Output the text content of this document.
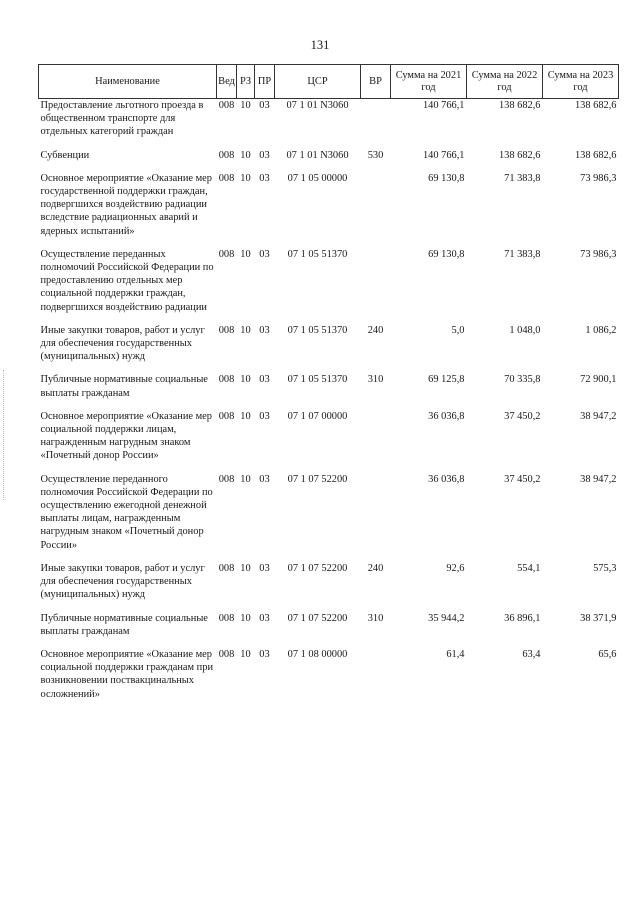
131
Наименование	Вед	РЗ	ПР	ЦСР	ВР	Сумма на 2021 год	Сумма на 2022 год	Сумма на 2023 год
Предоставление льготного проезда в общественном транспорте для отдельных категорий граждан	008	10	03	07 1 01 N3060		140 766,1	138 682,6	138 682,6
Субвенции	008	10	03	07 1 01 N3060	530	140 766,1	138 682,6	138 682,6
Основное мероприятие «Оказание мер государственной поддержки граждан, подвергшихся воздействию радиации вследствие радиационных аварий и ядерных испытаний»	008	10	03	07 1 05 00000		69 130,8	71 383,8	73 986,3
Осуществление переданных полномочий Российской Федерации по предоставлению отдельных мер социальной поддержки граждан, подвергшихся воздействию радиации	008	10	03	07 1 05 51370		69 130,8	71 383,8	73 986,3
Иные закупки товаров, работ и услуг для обеспечения государственных (муниципальных) нужд	008	10	03	07 1 05 51370	240	5,0	1 048,0	1 086,2
Публичные нормативные социальные выплаты гражданам	008	10	03	07 1 05 51370	310	69 125,8	70 335,8	72 900,1
Основное мероприятие «Оказание мер социальной поддержки лицам, награжденным нагрудным знаком «Почетный донор России»	008	10	03	07 1 07 00000		36 036,8	37 450,2	38 947,2
Осуществление переданного полномочия Российской Федерации по осуществлению ежегодной денежной выплаты лицам, награжденным нагрудным знаком «Почетный донор России»	008	10	03	07 1 07 52200		36 036,8	37 450,2	38 947,2
Иные закупки товаров, работ и услуг для обеспечения государственных (муниципальных) нужд	008	10	03	07 1 07 52200	240	92,6	554,1	575,3
Публичные нормативные социальные выплаты гражданам	008	10	03	07 1 07 52200	310	35 944,2	36 896,1	38 371,9
Основное мероприятие «Оказание мер социальной поддержки гражданам при возникновении поствакцинальных осложнений»	008	10	03	07 1 08 00000		61,4	63,4	65,6
